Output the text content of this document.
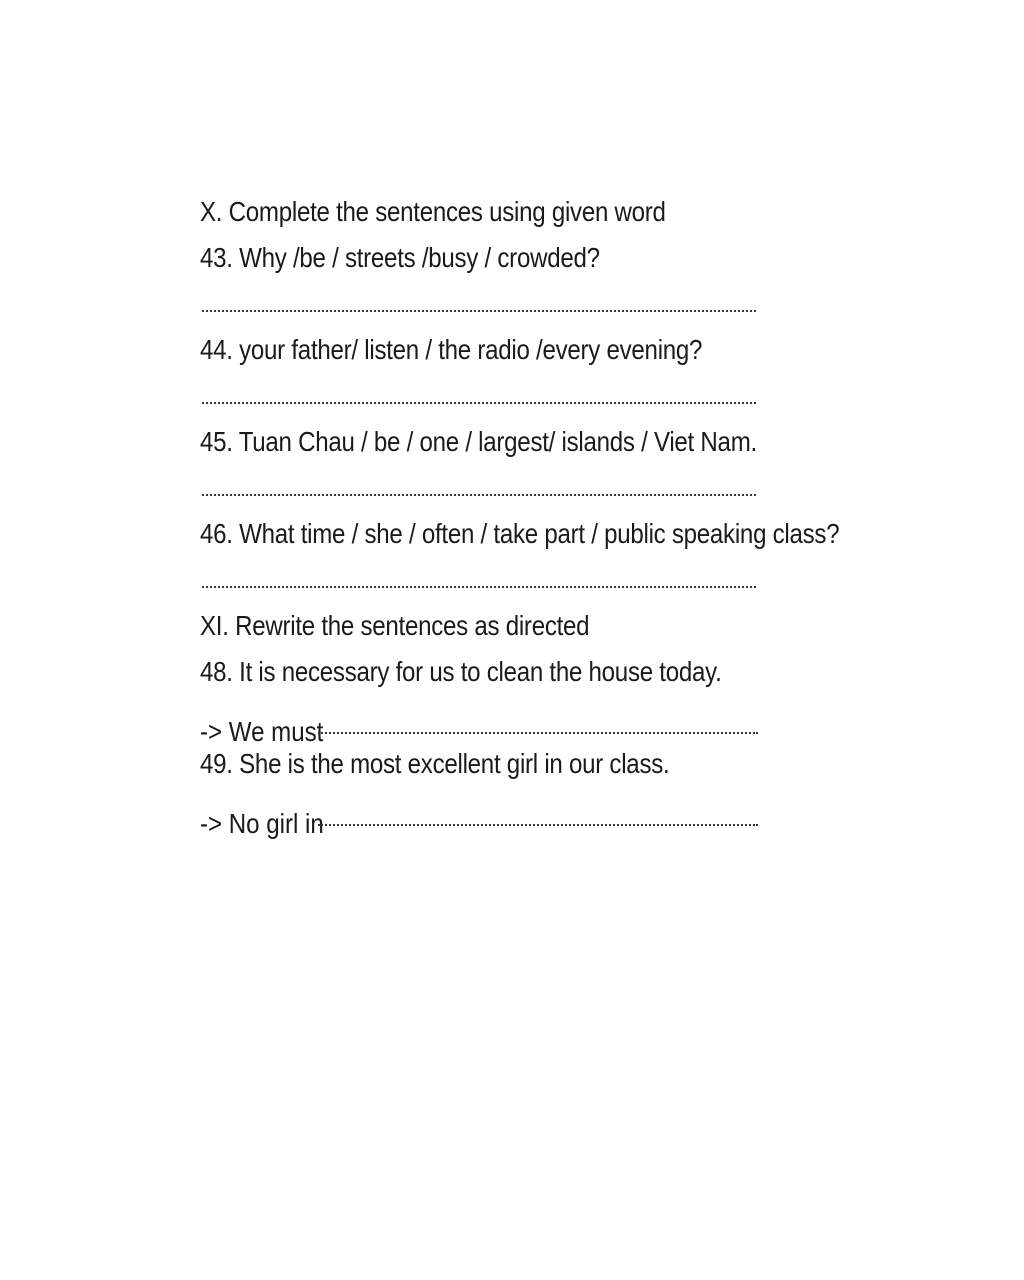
X. Complete the sentences using given word
43. Why /be / streets /busy / crowded?
44. your father/ listen / the radio /every evening?
45. Tuan Chau / be / one / largest/ islands / Viet Nam.
46. What time / she / often / take part / public speaking class?
XI. Rewrite the sentences as directed
48. It is necessary for us to clean the house today.
-> We must
49. She is the most excellent girl in our class.
-> No girl in
